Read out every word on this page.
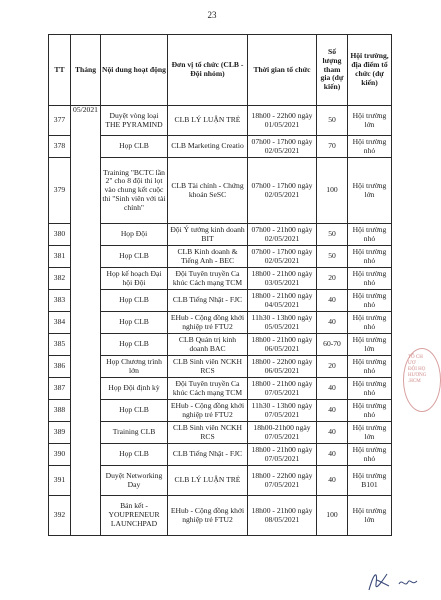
23
TT	Tháng	Nội dung hoạt động	Đơn vị tổ chức (CLB - Đội nhóm)	Thời gian tổ chức	Số lượng tham gia (dự kiến)	Hội trường, địa điểm tổ chức (dự kiến)
377	05/2021	Duyệt vòng loại THE PYRAMIND	CLB LÝ LUẬN TRẺ	18h00 - 22h00 ngày 01/05/2021	50	Hội trường lớn
378		Họp CLB	CLB Marketing Creatio	07h00 - 17h00 ngày 02/05/2021	70	Hội trường nhỏ
379		Training "BCTC lần 2" cho 8 đội thi lọt vào chung kết cuộc thi "Sinh viên với tài chính"	CLB Tài chính - Chứng khoán SeSC	07h00 - 17h00 ngày 02/05/2021	100	Hội trường lớn
380		Họp Đội	Đội Ý tưởng kinh doanh BIT	07h00 - 21h00 ngày 02/05/2021	50	Hội trường nhỏ
381		Họp CLB	CLB Kinh doanh & Tiếng Anh - BEC	07h00 - 17h00 ngày 02/05/2021	50	Hội trường nhỏ
382		Họp kế hoạch Đại hội Đội	Đội Tuyên truyền Ca khúc Cách mạng TCM	18h00 - 21h00 ngày 03/05/2021	20	Hội trường nhỏ
383		Họp CLB	CLB Tiếng Nhật - FJC	18h00 - 21h00 ngày 04/05/2021	40	Hội trường nhỏ
384		Họp CLB	EHub - Cộng đồng khởi nghiệp trẻ FTU2	11h30 - 13h00 ngày 05/05/2021	40	Hội trường nhỏ
385		Họp CLB	CLB Quản trị kinh doanh BAC	18h00 - 21h00 ngày 06/05/2021	60-70	Hội trường lớn
386		Họp Chương trình lớn	CLB Sinh viên NCKH RCS	18h00 - 22h00 ngày 06/05/2021	20	Hội trường nhỏ
387		Họp Đội định kỳ	Đội Tuyên truyền Ca khúc Cách mạng TCM	18h00 - 21h00 ngày 07/05/2021	40	Hội trường nhỏ
388		Họp CLB	EHub - Cộng đồng khởi nghiệp trẻ FTU2	11h30 - 13h00 ngày 07/05/2021	40	Hội trường nhỏ
389		Training CLB	CLB Sinh viên NCKH RCS	18h00-21h00 ngày 07/05/2021	40	Hội trường lớn
390		Họp CLB	CLB Tiếng Nhật - FJC	18h00 - 21h00 ngày 07/05/2021	40	Hội trường nhỏ
391		Duyệt Networking Day	CLB LÝ LUẬN TRẺ	18h00 - 22h00 ngày 07/05/2021	40	Hội trường B101
392		Bán kết - YOUPRENEUR LAUNCHPAD	EHub - Cộng đồng khởi nghiệp trẻ FTU2	18h00 - 21h00 ngày 08/05/2021	100	Hội trường lớn
TỔ CH
ƯƠ
ĐỘI HỌ
HƯƠNG
.HCM
